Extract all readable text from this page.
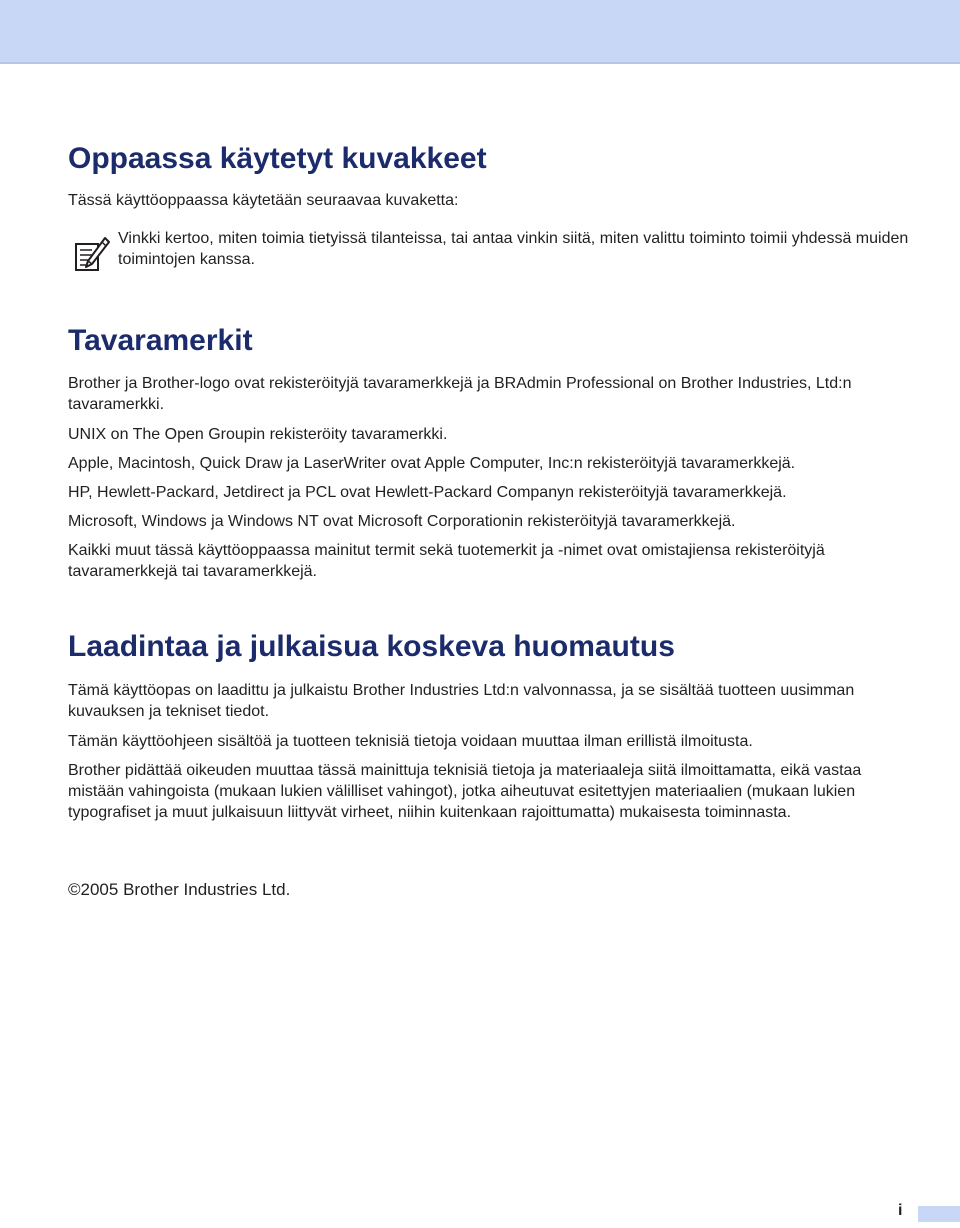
Oppaassa käytetyt kuvakkeet

Tässä käyttöoppaassa käytetään seuraavaa kuvaketta:

Vinkki kertoo, miten toimia tietyissä tilanteissa, tai antaa vinkin siitä, miten valittu toiminto toimii yhdessä muiden toimintojen kanssa.
Tavaramerkit

Brother ja Brother-logo ovat rekisteröityjä tavaramerkkejä ja BRAdmin Professional on Brother Industries, Ltd:n tavaramerkki.

UNIX on The Open Groupin rekisteröity tavaramerkki.

Apple, Macintosh, Quick Draw ja LaserWriter ovat Apple Computer, Inc:n rekisteröityjä tavaramerkkejä.

HP, Hewlett-Packard, Jetdirect ja PCL ovat Hewlett-Packard Companyn rekisteröityjä tavaramerkkejä.

Microsoft, Windows ja Windows NT ovat Microsoft Corporationin rekisteröityjä tavaramerkkejä.

Kaikki muut tässä käyttöoppaassa mainitut termit sekä tuotemerkit ja -nimet ovat omistajiensa rekisteröityjä tavaramerkkejä tai tavaramerkkejä.

Laadintaa ja julkaisua koskeva huomautus

Tämä käyttöopas on laadittu ja julkaistu Brother Industries Ltd:n valvonnassa, ja se sisältää tuotteen uusimman kuvauksen ja tekniset tiedot.

Tämän käyttöohjeen sisältöä ja tuotteen teknisiä tietoja voidaan muuttaa ilman erillistä ilmoitusta.

Brother pidättää oikeuden muuttaa tässä mainittuja teknisiä tietoja ja materiaaleja siitä ilmoittamatta, eikä vastaa mistään vahingoista (mukaan lukien välilliset vahingot), jotka aiheutuvat esitettyjen materiaalien (mukaan lukien typografiset ja muut julkaisuun liittyvät virheet, niihin kuitenkaan rajoittumatta) mukaisesta toiminnasta.

©2005 Brother Industries Ltd.
i
